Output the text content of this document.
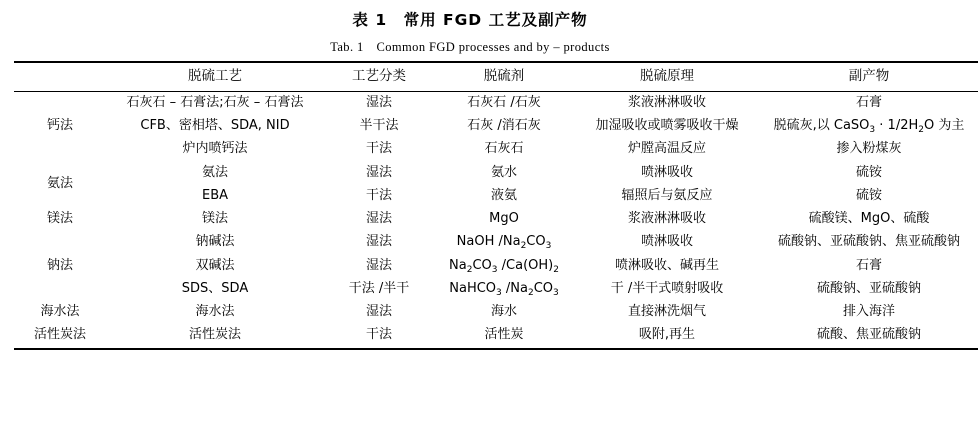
表 1　常用 FGD 工艺及副产物
Tab. 1　Common FGD processes and by – products
	脱硫工艺	工艺分类	脱硫剂	脱硫原理	副产物
钙法	石灰石 – 石膏法;石灰 – 石膏法	湿法	石灰石 /石灰	浆液淋淋吸收	石膏
	CFB、密相塔、SDA, NID	半干法	石灰 /消石灰	加湿吸收或喷雾吸收干燥	脱硫灰,以 CaSO$_3$ · $1/2H_2O$ 为主
	炉内喷钙法	干法	石灰石	炉膛高温反应	掺入粉煤灰
氨法	氨法	湿法	氨水	喷淋吸收	硫铵
	EBA	干法	液氨	辐照后与氨反应	硫铵
镁法	镁法	湿法	MgO	浆液淋淋吸收	硫酸镁、MgO、硫酸
钠法	钠碱法	湿法	NaOH $/Na_2CO_3$	喷淋吸收	硫酸钠、亚硫酸钠、焦亚硫酸钠
	双碱法	湿法	$Na_2CO_3$ $/Ca(OH)_2$	喷淋吸收、碱再生	石膏
	SDS、SDA	干法 /半干	NaHCO$_3$ $/Na_2CO_3$	干 /半干式喷射吸收	硫酸钠、亚硫酸钠
海水法	海水法	湿法	海水	直接淋洗烟气	排入海洋
活性炭法	活性炭法	干法	活性炭	吸附,再生	硫酸、焦亚硫酸钠
